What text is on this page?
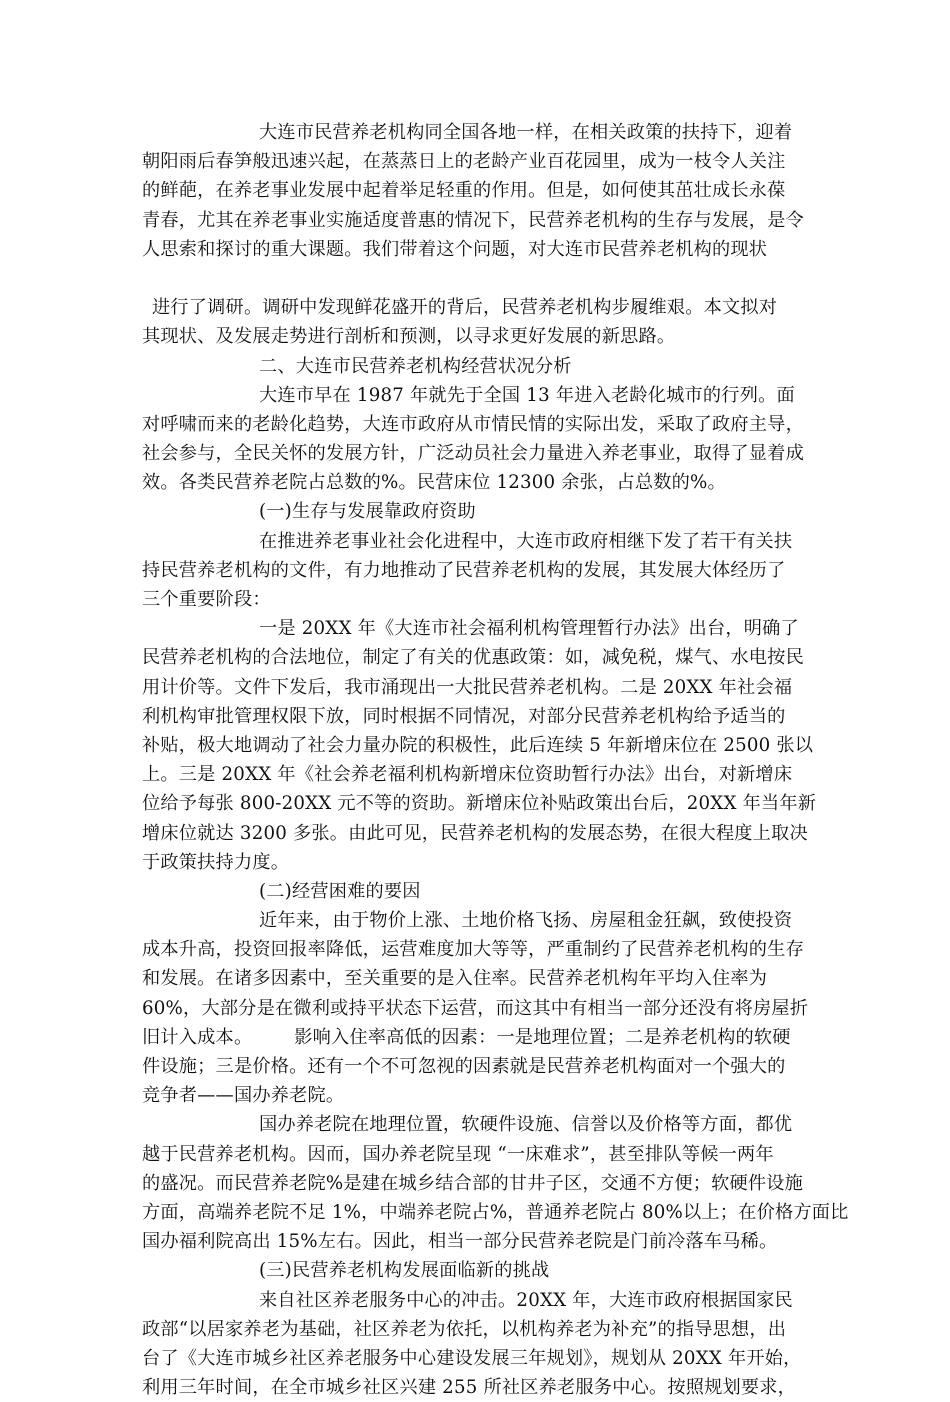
大连市民营养老机构同全国各地一样，在相关政策的扶持下，迎着
朝阳雨后春笋般迅速兴起，在蒸蒸日上的老龄产业百花园里，成为一枝令人关注
的鲜葩，在养老事业发展中起着举足轻重的作用。但是，如何使其茁壮成长永葆
青春，尤其在养老事业实施适度普惠的情况下，民营养老机构的生存与发展，是令
人思索和探讨的重大课题。我们带着这个问题，对大连市民营养老机构的现状
进行了调研。调研中发现鲜花盛开的背后，民营养老机构步履维艰。本文拟对
其现状、及发展走势进行剖析和预测，以寻求更好发展的新思路。
二、大连市民营养老机构经营状况分析
大连市早在 1987 年就先于全国 13 年进入老龄化城市的行列。面
对呼啸而来的老龄化趋势，大连市政府从市情民情的实际出发，采取了政府主导，
社会参与，全民关怀的发展方针，广泛动员社会力量进入养老事业，取得了显着成
效。各类民营养老院占总数的%。民营床位 12300 余张，占总数的%。
(一)生存与发展靠政府资助
在推进养老事业社会化进程中，大连市政府相继下发了若干有关扶
持民营养老机构的文件，有力地推动了民营养老机构的发展，其发展大体经历了
三个重要阶段：
一是 20XX 年《大连市社会福利机构管理暂行办法》出台，明确了
民营养老机构的合法地位，制定了有关的优惠政策：如，减免税，煤气、水电按民
用计价等。文件下发后，我市涌现出一大批民营养老机构。二是 20XX 年社会福
利机构审批管理权限下放，同时根据不同情况，对部分民营养老机构给予适当的
补贴，极大地调动了社会力量办院的积极性，此后连续 5 年新增床位在 2500 张以
上。三是 20XX 年《社会养老福利机构新增床位资助暂行办法》出台，对新增床
位给予每张 800-20XX 元不等的资助。新增床位补贴政策出台后，20XX 年当年新
增床位就达 3200 多张。由此可见，民营养老机构的发展态势，在很大程度上取决
于政策扶持力度。
(二)经营困难的要因
近年来，由于物价上涨、土地价格飞扬、房屋租金狂飙，致使投资
成本升高，投资回报率降低，运营难度加大等等，严重制约了民营养老机构的生存
和发展。在诸多因素中，至关重要的是入住率。民营养老机构年平均入住率为
60%，大部分是在微利或持平状态下运营，而这其中有相当一部分还没有将房屋折
旧计入成本。       影响入住率高低的因素：一是地理位置；二是养老机构的软硬
件设施；三是价格。还有一个不可忽视的因素就是民营养老机构面对一个强大的
竞争者——国办养老院。
国办养老院在地理位置，软硬件设施、信誉以及价格等方面，都优
越于民营养老机构。因而，国办养老院呈现 “一床难求”，甚至排队等候一两年
的盛况。而民营养老院%是建在城乡结合部的甘井子区，交通不方便；软硬件设施
方面，高端养老院不足 1%，中端养老院占%，普通养老院占 80%以上；在价格方面比
国办福利院高出 15%左右。因此，相当一部分民营养老院是门前冷落车马稀。
(三)民营养老机构发展面临新的挑战
来自社区养老服务中心的冲击。20XX 年，大连市政府根据国家民
政部“以居家养老为基础，社区养老为依托，以机构养老为补充”的指导思想，出
台了《大连市城乡社区养老服务中心建设发展三年规划》，规划从 20XX 年开始，
利用三年时间，在全市城乡社区兴建 255 所社区养老服务中心。按照规划要求，
